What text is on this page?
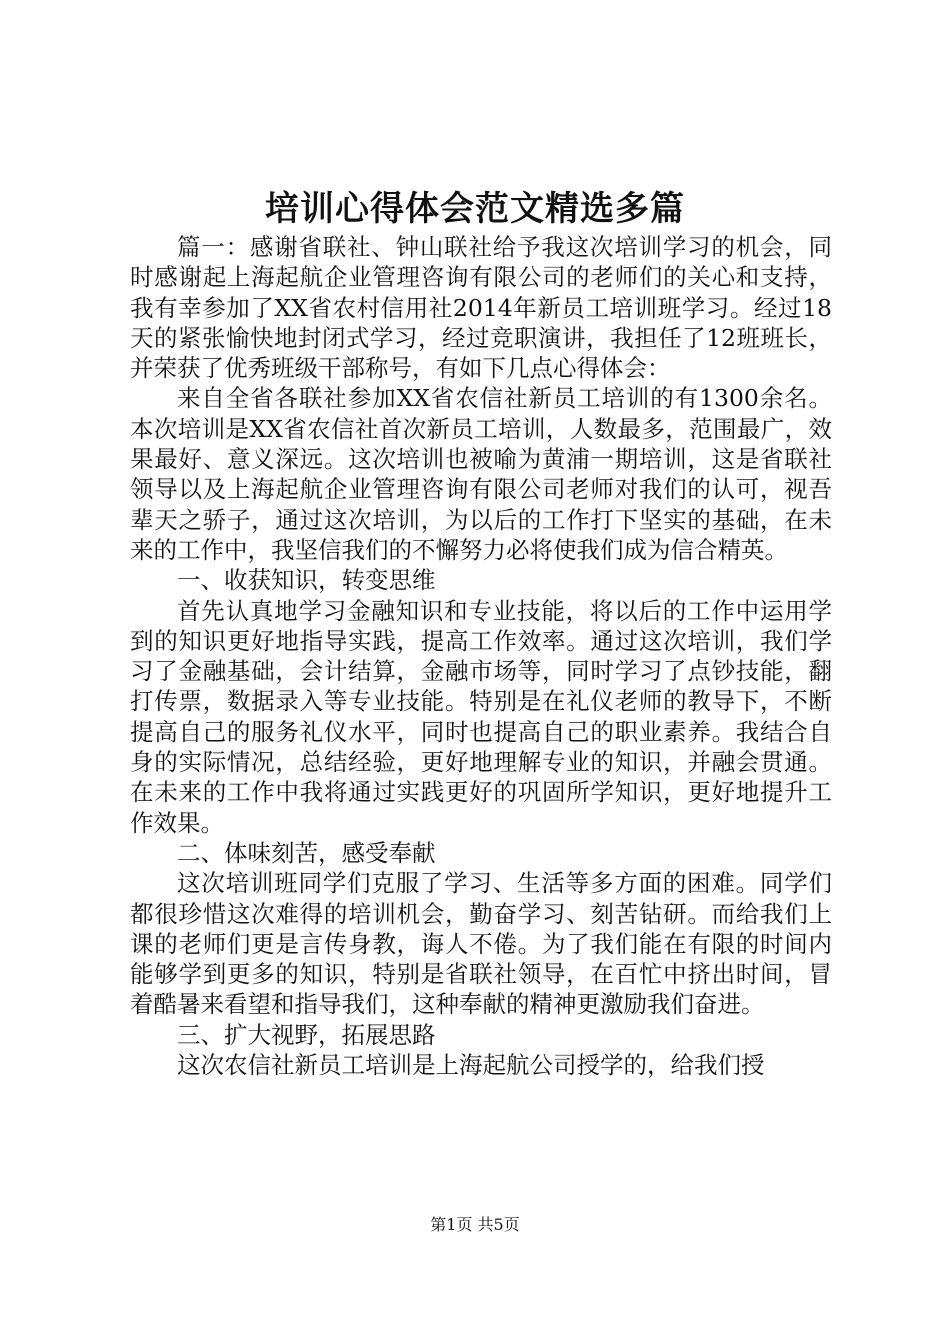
培训心得体会范文精选多篇

篇一：感谢省联社、钟山联社给予我这次培训学习的机会，同时感谢起上海起航企业管理咨询有限公司的老师们的关心和支持，我有幸参加了XX省农村信用社2014年新员工培训班学习。经过18天的紧张愉快地封闭式学习，经过竞职演讲，我担任了12班班长，并荣获了优秀班级干部称号，有如下几点心得体会：

来自全省各联社参加XX省农信社新员工培训的有1300余名。本次培训是XX省农信社首次新员工培训，人数最多，范围最广，效果最好、意义深远。这次培训也被喻为黄浦一期培训，这是省联社领导以及上海起航企业管理咨询有限公司老师对我们的认可，视吾辈天之骄子，通过这次培训，为以后的工作打下坚实的基础，在未来的工作中，我坚信我们的不懈努力必将使我们成为信合精英。

一、收获知识，转变思维

首先认真地学习金融知识和专业技能，将以后的工作中运用学到的知识更好地指导实践，提高工作效率。通过这次培训，我们学习了金融基础，会计结算，金融市场等，同时学习了点钞技能，翻打传票，数据录入等专业技能。特别是在礼仪老师的教导下，不断提高自己的服务礼仪水平，同时也提高自己的职业素养。我结合自身的实际情况，总结经验，更好地理解专业的知识，并融会贯通。在未来的工作中我将通过实践更好的巩固所学知识，更好地提升工作效果。

二、体味刻苦，感受奉献

这次培训班同学们克服了学习、生活等多方面的困难。同学们都很珍惜这次难得的培训机会，勤奋学习、刻苦钻研。而给我们上课的老师们更是言传身教，诲人不倦。为了我们能在有限的时间内能够学到更多的知识，特别是省联社领导，在百忙中挤出时间，冒着酷暑来看望和指导我们，这种奉献的精神更激励我们奋进。

三、扩大视野，拓展思路

这次农信社新员工培训是上海起航公司授学的，给我们授

第1页 共5页
